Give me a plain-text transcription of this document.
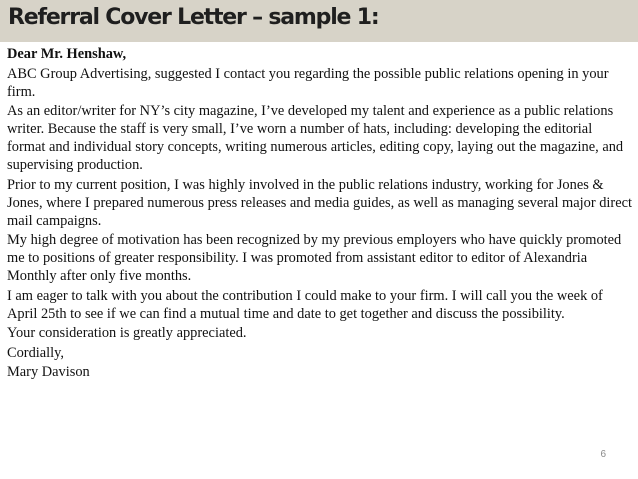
Referral Cover Letter – sample 1:

Dear Mr. Henshaw,

ABC Group Advertising, suggested I contact you regarding the possible public relations opening in your firm.

As an editor/writer for NY’s city magazine, I’ve developed my talent and experience as a public relations writer. Because the staff is very small, I’ve worn a number of hats, including: developing the editorial format and individual story concepts, writing numerous articles, editing copy, laying out the magazine, and supervising production.

Prior to my current position, I was highly involved in the public relations industry, working for Jones & Jones, where I prepared numerous press releases and media guides, as well as managing several major direct mail campaigns.

My high degree of motivation has been recognized by my previous employers who have quickly promoted me to positions of greater responsibility. I was promoted from assistant editor to editor of Alexandria Monthly after only five months.

I am eager to talk with you about the contribution I could make to your firm. I will call you the week of April 25th to see if we can find a mutual time and date to get together and discuss the possibility.

Your consideration is greatly appreciated.

Cordially,

Mary Davison

6
